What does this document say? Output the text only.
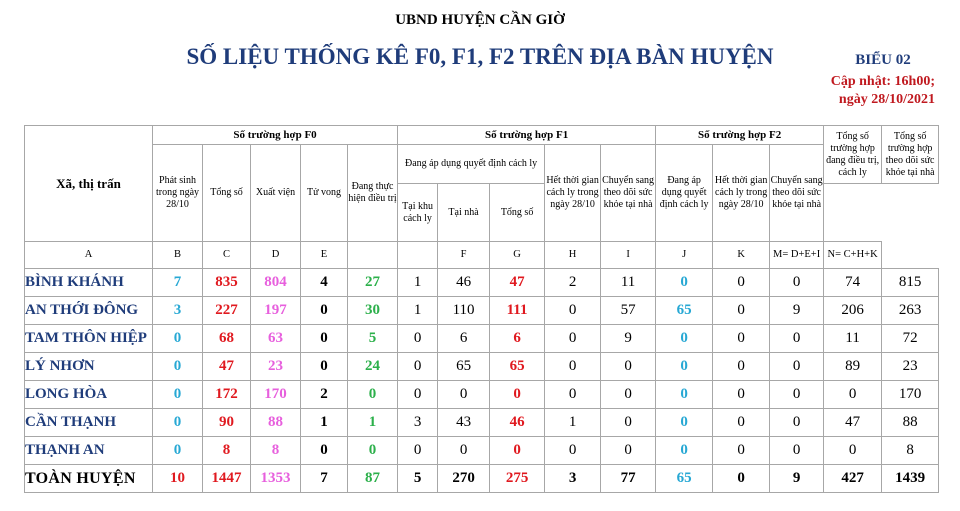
UBND HUYỆN CẦN GIỜ
SỐ LIỆU THỐNG KÊ F0, F1, F2 TRÊN ĐỊA BÀN HUYỆN	BIỂU 02
Cập nhật: 16h00;
ngày 28/10/2021
Xã, thị trấn	Số trường hợp F0					Số trường hợp F1					Số trường hợp F2			Tổng số trường hợp đang điều trị, cách ly	Tổng số trường hợp theo dõi sức khỏe tại nhà
	Phát sinh trong ngày 28/10	Tổng số	Xuất viện	Tử vong	Đang thực hiện điều trị	Đang áp dụng quyết định cách ly			Hết thời gian cách ly trong ngày 28/10	Chuyển sang theo dõi sức khỏe tại nhà	Đang áp dụng quyết định cách ly	Hết thời gian cách ly trong ngày 28/10	Chuyển sang theo dõi sức khỏe tại nhà		
						Tại khu cách ly	Tại nhà	Tổng số							
A	B	C	D	E			F	G	H	I	J	K	M= D+E+I	N= C+H+K	
BÌNH KHÁNH	7	835	804	4	27	1	46	47	2	11	0	0	0	74	815
AN THỚI ĐÔNG	3	227	197	0	30	1	110	111	0	57	65	0	9	206	263
TAM THÔN HIỆP	0	68	63	0	5	0	6	6	0	9	0	0	0	11	72
LÝ NHƠN	0	47	23	0	24	0	65	65	0	0	0	0	0	89	23
LONG HÒA	0	172	170	2	0	0	0	0	0	0	0	0	0	0	170
CẦN THẠNH	0	90	88	1	1	3	43	46	1	0	0	0	0	47	88
THẠNH AN	0	8	8	0	0	0	0	0	0	0	0	0	0	0	8
TOÀN HUYỆN	10	1447	1353	7	87	5	270	275	3	77	65	0	9	427	1439
